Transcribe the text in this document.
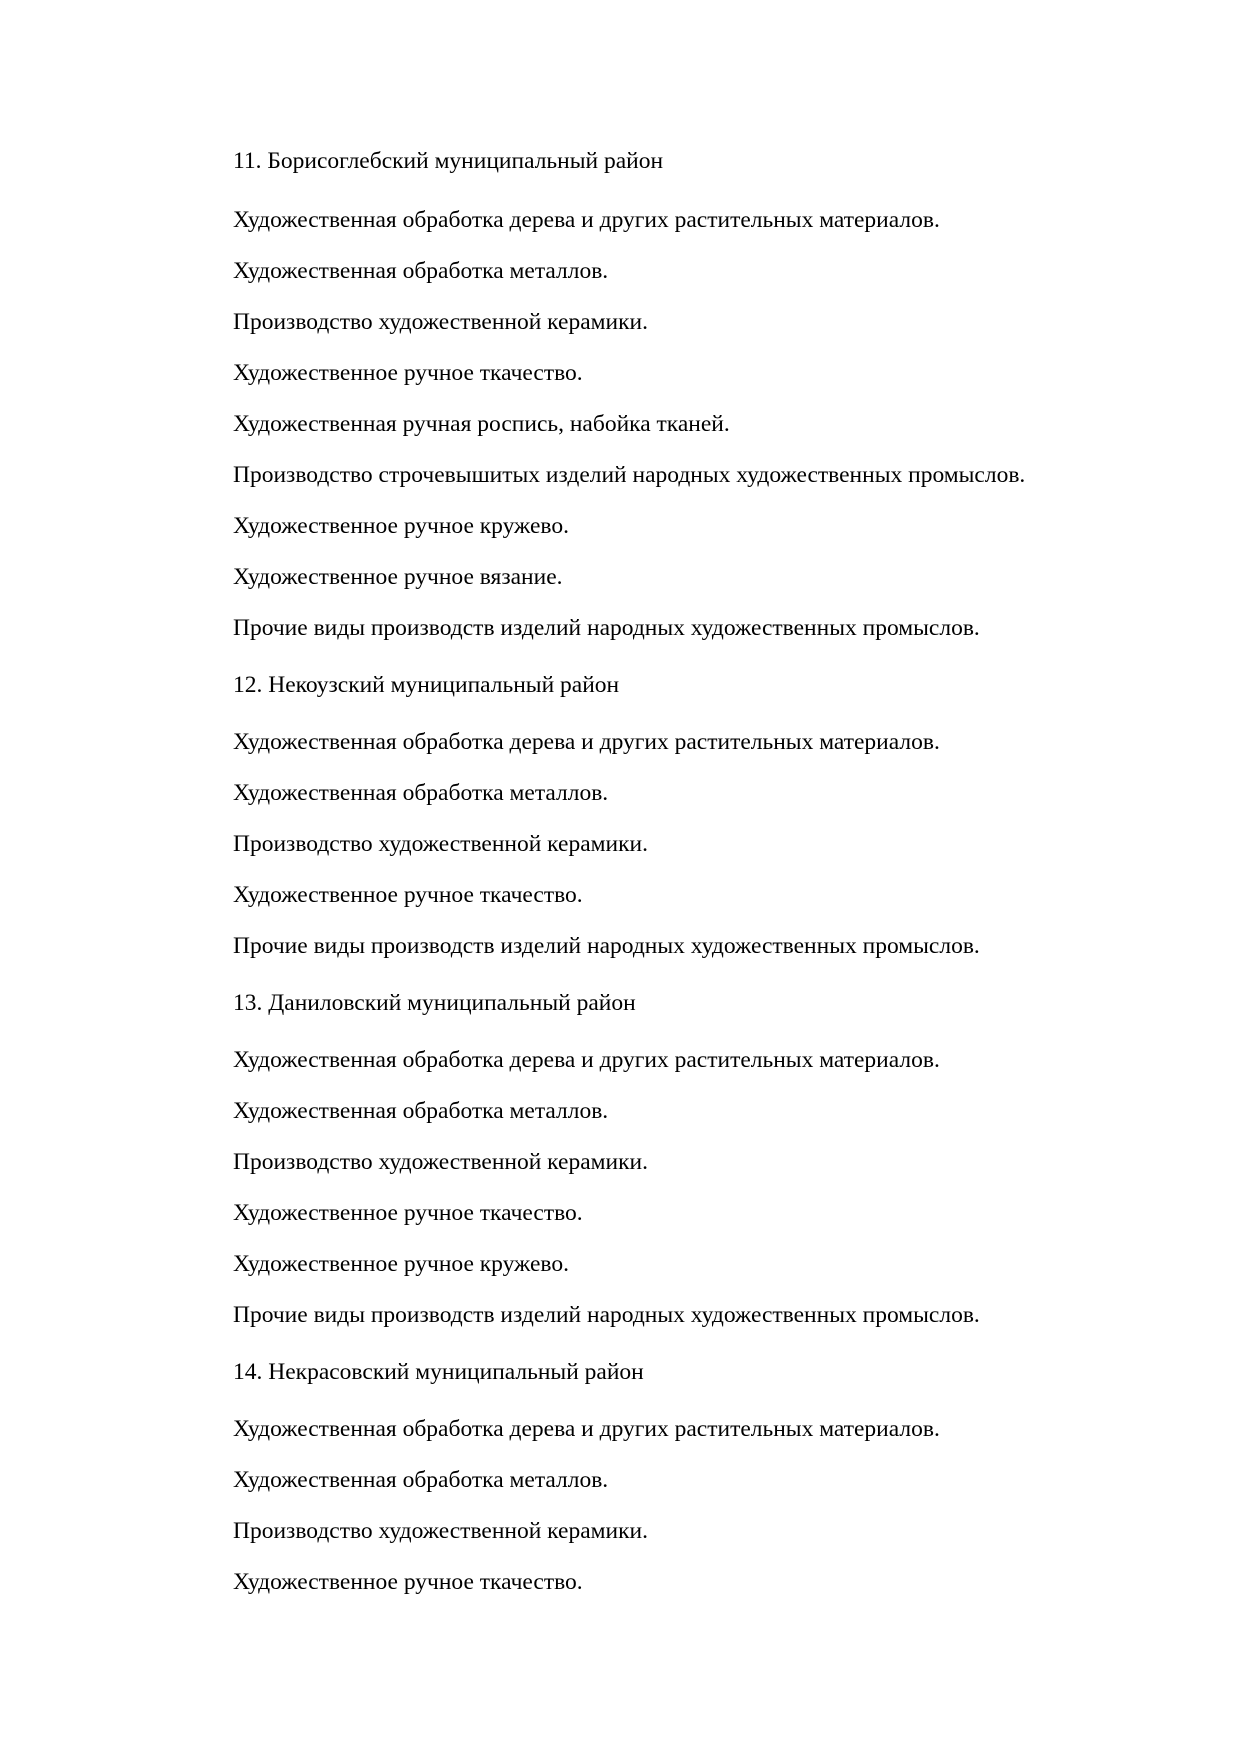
11. Борисоглебский муниципальный район
Художественная обработка дерева и других растительных материалов.
Художественная обработка металлов.
Производство художественной керамики.
Художественное ручное ткачество.
Художественная ручная роспись, набойка тканей.
Производство строчевышитых изделий народных художественных промыслов.
Художественное ручное кружево.
Художественное ручное вязание.
Прочие виды производств изделий народных художественных промыслов.
12. Некоузский муниципальный район
Художественная обработка дерева и других растительных материалов.
Художественная обработка металлов.
Производство художественной керамики.
Художественное ручное ткачество.
Прочие виды производств изделий народных художественных промыслов.
13. Даниловский муниципальный район
Художественная обработка дерева и других растительных материалов.
Художественная обработка металлов.
Производство художественной керамики.
Художественное ручное ткачество.
Художественное ручное кружево.
Прочие виды производств изделий народных художественных промыслов.
14. Некрасовский муниципальный район
Художественная обработка дерева и других растительных материалов.
Художественная обработка металлов.
Производство художественной керамики.
Художественное ручное ткачество.
